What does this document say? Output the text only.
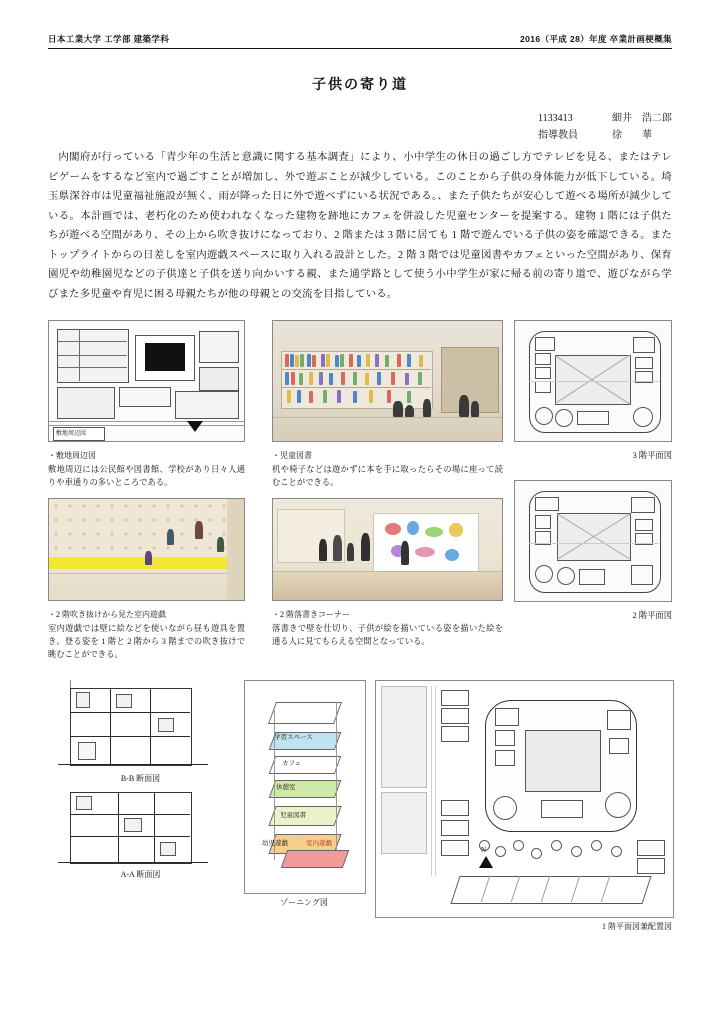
日本工業大学 工学部 建築学科	2016（平成 28）年度 卒業計画梗概集
子供の寄り道
1133413	細井　浩二郎
指導教員	徐　　華
内閣府が行っている「青少年の生活と意識に関する基本調査」により、小中学生の休日の過ごし方でテレビを見る、またはテレビゲームをするなど室内で過ごすことが増加し、外で遊ぶことが減少している。このことから子供の身体能力が低下している。埼玉県深谷市は児童福祉施設が無く、雨が降った日に外で遊べずにいる状況である。、また子供たちが安心して遊べる場所が減少している。本計画では、老朽化のため使われなくなった建物を跡地にカフェを併設した児童センターを提案する。建物 1 階には子供たちが遊べる空間があり、その上から吹き抜けになっており、2 階または 3 階に居ても 1 階で遊んでいる子供の姿を確認できる。またトップライトからの日差しを室内遊戯スペースに取り入れる設計とした。2 階 3 階では児童図書やカフェといった空間があり、保育園児や幼稚園児などの子供達と子供を送り向かいする親、また通学路として使う小中学生が家に帰る前の寄り道で、遊びながら学びまた多児童や育児に困る母親たちが他の母親との交流を目指している。
敷地周辺図
・敷地周辺図
敷地周辺には公民館や図書館、学校があり日々人通りや車通りの多いところである。
・児童図書
机や椅子などは遊かずに本を手に取ったらその場に座って読むことができる。
3 階平面図
・2 階吹き抜けから見た室内遊戯
室内遊戯では壁に絵などを使いながら昼も遊具を置き、登る姿を 1 階と 2 階から 3 階までの吹き抜けで眺むことができる。
・2 階落書きコーナー
落書きで壁を仕切り、子供が絵を描いている姿を描いた絵を通る人に見てもらえる空間となっている。
2 階平面図
B-B 断面図
A-A 断面図
学習スペース
カフェ
休憩室
児童図書
幼児遊戯	室内遊戯
ゾーニング図
N
1 階平面図兼配置図
